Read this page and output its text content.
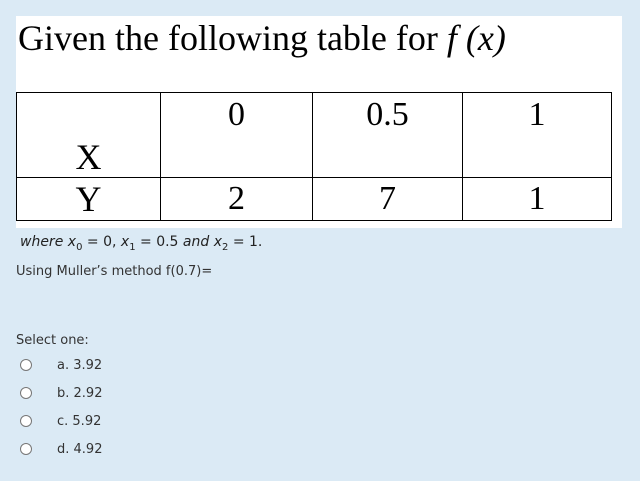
Given the following table for f (x)
X	0	0.5	1
Y	2	7	1
where $x_0 = 0$, $x_1 = 0.5$ and $x_2 = 1$.
Using Muller’s method f(0.7)=
Select one:
a. 3.92
b. 2.92
c. 5.92
d. 4.92
